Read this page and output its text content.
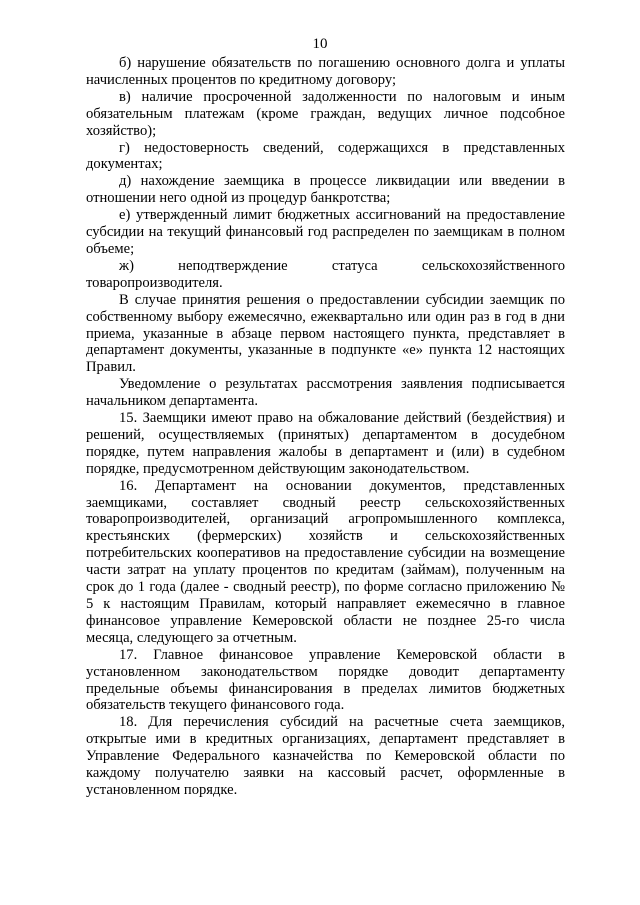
10

б) нарушение обязательств по погашению основного долга и уплаты начисленных процентов по кредитному договору;

в) наличие просроченной задолженности по налоговым и иным обязательным платежам (кроме граждан, ведущих личное подсобное хозяйство);

г) недостоверность сведений, содержащихся в представленных документах;

д) нахождение заемщика в процессе ликвидации или введении в отношении него одной из процедур банкротства;

е) утвержденный лимит бюджетных ассигнований на предоставление субсидии на текущий финансовый год распределен по заемщикам в полном объеме;

ж) неподтверждение статуса сельскохозяйственного товаропроизводителя.

В случае принятия решения о предоставлении субсидии заемщик по собственному выбору ежемесячно, ежеквартально или один раз в год в дни приема, указанные в абзаце первом настоящего пункта, представляет в департамент документы, указанные в подпункте «е» пункта 12 настоящих Правил.

Уведомление о результатах рассмотрения заявления подписывается начальником департамента.

15. Заемщики имеют право на обжалование действий (бездействия) и решений, осуществляемых (принятых) департаментом в досудебном порядке, путем направления жалобы в департамент и (или) в судебном порядке, предусмотренном действующим законодательством.

16. Департамент на основании документов, представленных заемщиками, составляет сводный реестр сельскохозяйственных товаропроизводителей, организаций агропромышленного комплекса, крестьянских (фермерских) хозяйств и сельскохозяйственных потребительских кооперативов на предоставление субсидии на возмещение части затрат на уплату процентов по кредитам (займам), полученным на срок до 1 года (далее - сводный реестр), по форме согласно приложению № 5 к настоящим Правилам, который направляет ежемесячно в главное финансовое управление Кемеровской области не позднее 25-го числа месяца, следующего за отчетным.

17. Главное финансовое управление Кемеровской области в установленном законодательством порядке доводит департаменту предельные объемы финансирования в пределах лимитов бюджетных обязательств текущего финансового года.

18. Для перечисления субсидий на расчетные счета заемщиков, открытые ими в кредитных организациях, департамент представляет в Управление Федерального казначейства по Кемеровской области по каждому получателю заявки на кассовый расчет, оформленные в установленном порядке.
